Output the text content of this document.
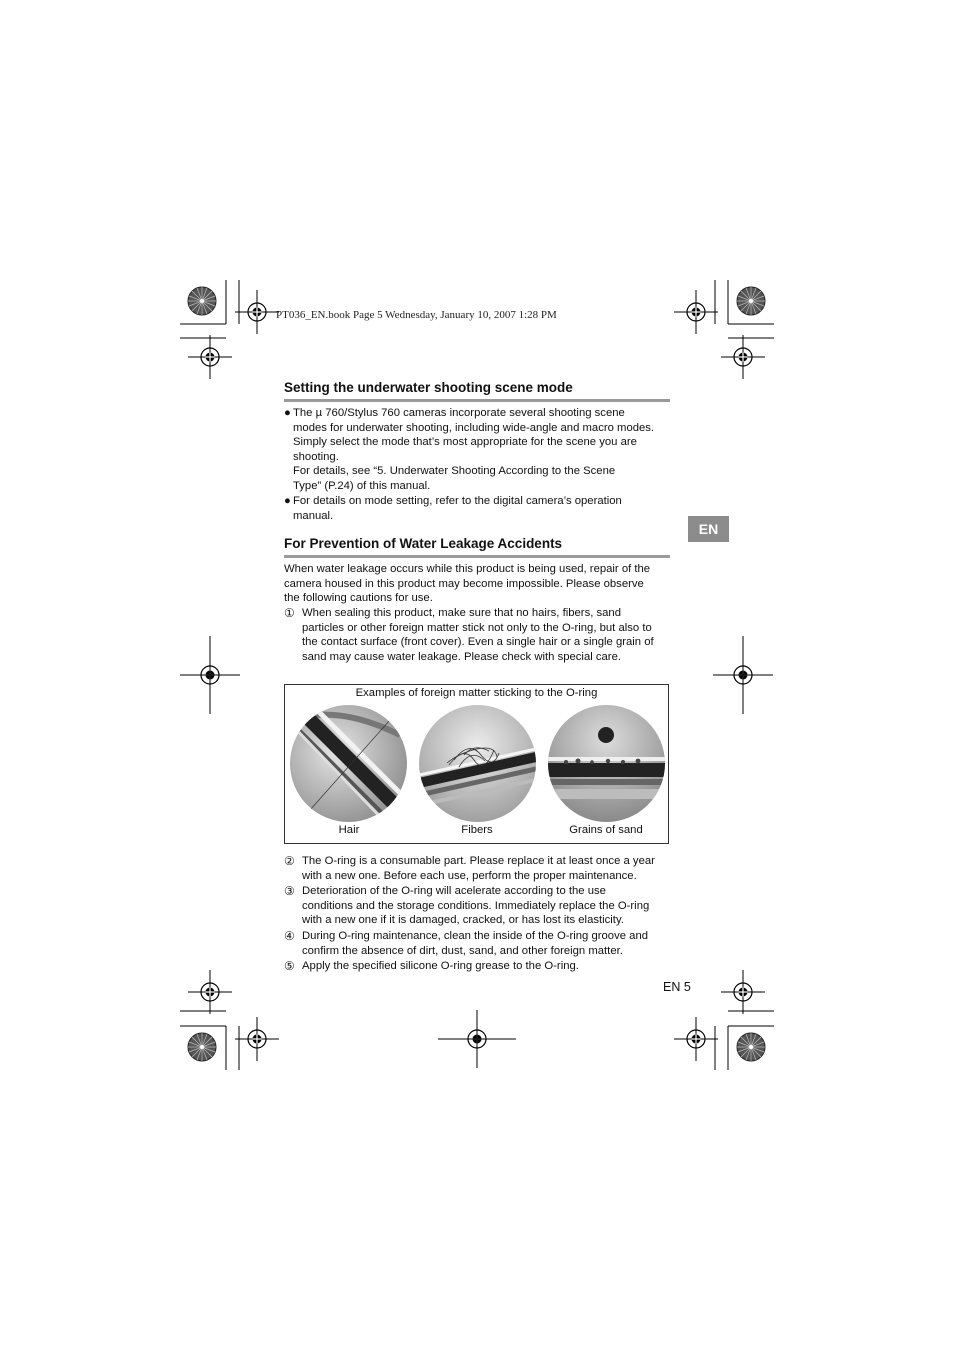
PT036_EN.book Page 5 Wednesday, January 10, 2007 1:28 PM
Setting the underwater shooting scene mode
● The µ 760/Stylus 760 cameras incorporate several shooting scene
modes for underwater shooting, including wide-angle and macro modes.
Simply select the mode that’s most appropriate for the scene you are
shooting.
For details, see “5. Underwater Shooting According to the Scene
Type” (P.24) of this manual.
● For details on mode setting, refer to the digital camera’s operation
manual.
For Prevention of Water Leakage Accidents
When water leakage occurs while this product is being used, repair of the
camera housed in this product may become impossible. Please observe
the following cautions for use.
① When sealing this product, make sure that no hairs, fibers, sand
particles or other foreign matter stick not only to the O-ring, but also to
the contact surface (front cover). Even a single hair or a single grain of
sand may cause water leakage. Please check with special care.
Examples of foreign matter sticking to the O-ring
Hair	Fibers	Grains of sand
② The O-ring is a consumable part. Please replace it at least once a year
with a new one. Before each use, perform the proper maintenance.
③ Deterioration of the O-ring will acelerate according to the use
conditions and the storage conditions. Immediately replace the O-ring
with a new one if it is damaged, cracked, or has lost its elasticity.
④ During O-ring maintenance, clean the inside of the O-ring groove and
confirm the absence of dirt, dust, sand, and other foreign matter.
⑤ Apply the specified silicone O-ring grease to the O-ring.
EN
EN 5
